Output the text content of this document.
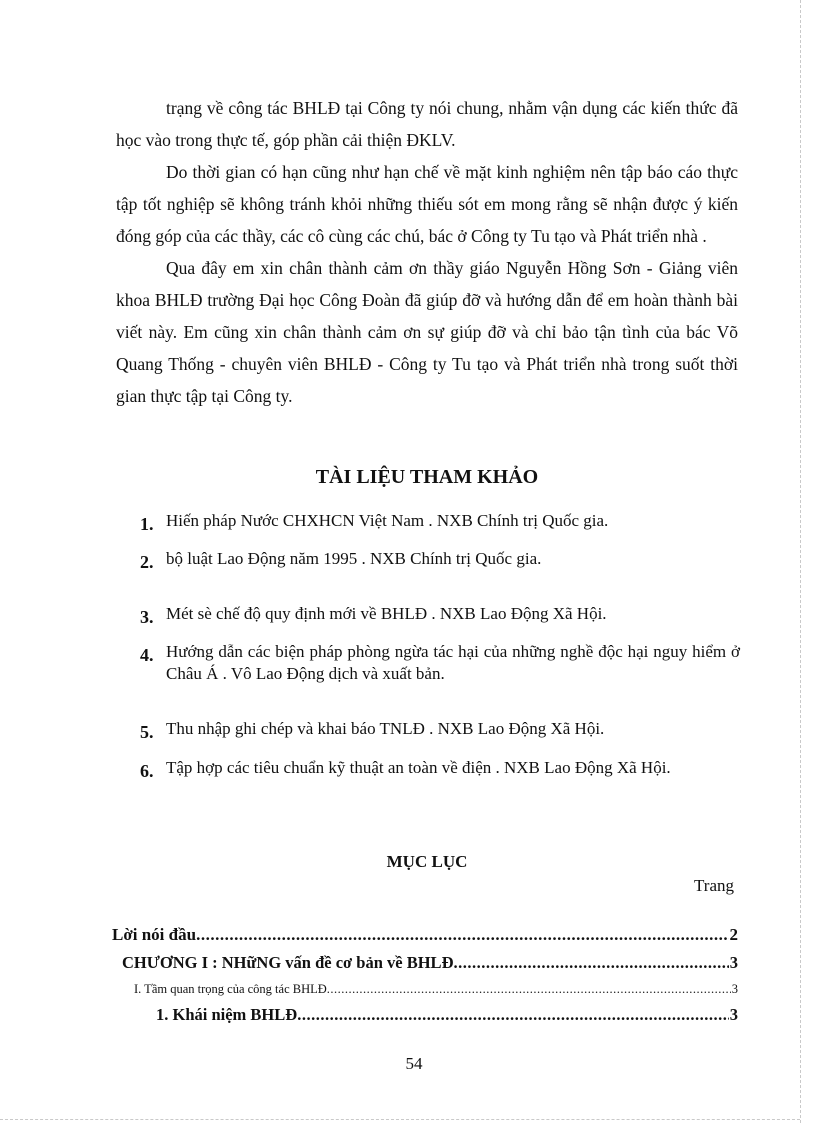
trạng về công tác BHLĐ tại Công ty nói chung, nhằm vận dụng các kiến thức đã học vào trong thực tế, góp phần cải thiện ĐKLV.

Do thời gian có hạn cũng như hạn chế về mặt kinh nghiệm nên tập báo cáo thực tập tốt nghiệp sẽ không tránh khỏi những thiếu sót em mong rằng sẽ nhận được ý kiến đóng góp của các thầy, các cô cùng các chú, bác ở Công ty Tu tạo và Phát triển nhà .

Qua đây em xin chân thành cảm ơn thầy giáo Nguyễn Hồng Sơn - Giảng viên khoa BHLĐ trường Đại học Công Đoàn đã giúp đỡ và hướng dẫn để em hoàn thành bài viết này. Em cũng xin chân thành cảm ơn sự giúp đỡ và chỉ bảo tận tình của bác Võ Quang Thống - chuyên viên BHLĐ - Công ty Tu tạo và Phát triển nhà trong suốt thời gian thực tập tại Công ty.

TÀI LIỆU THAM KHẢO
1. Hiến pháp Nước CHXHCN Việt Nam . NXB Chính trị Quốc gia.
2. bộ luật Lao Động năm 1995 . NXB Chính trị Quốc gia.
3. Mét sè chế độ quy định mới về BHLĐ . NXB Lao Động Xã Hội.
4. Hướng dẫn các biện pháp phòng ngừa tác hại của những nghề độc hại nguy hiểm ở Châu Á . Vô Lao Động dịch và xuất bản.
5. Thu nhập ghi chép và khai báo TNLĐ . NXB Lao Động Xã Hội.
6. Tập hợp các tiêu chuẩn kỹ thuật an toàn về điện . NXB Lao Động Xã Hội.
MỤC LỤC
Trang
Lời nói đầu .....	2
CHƯƠNG I : NHữNG vấn đề cơ bản về BHLĐ .....	3
I. Tầm quan trọng của công tác BHLĐ .....	3
1. Khái niệm BHLĐ .....	3
54
